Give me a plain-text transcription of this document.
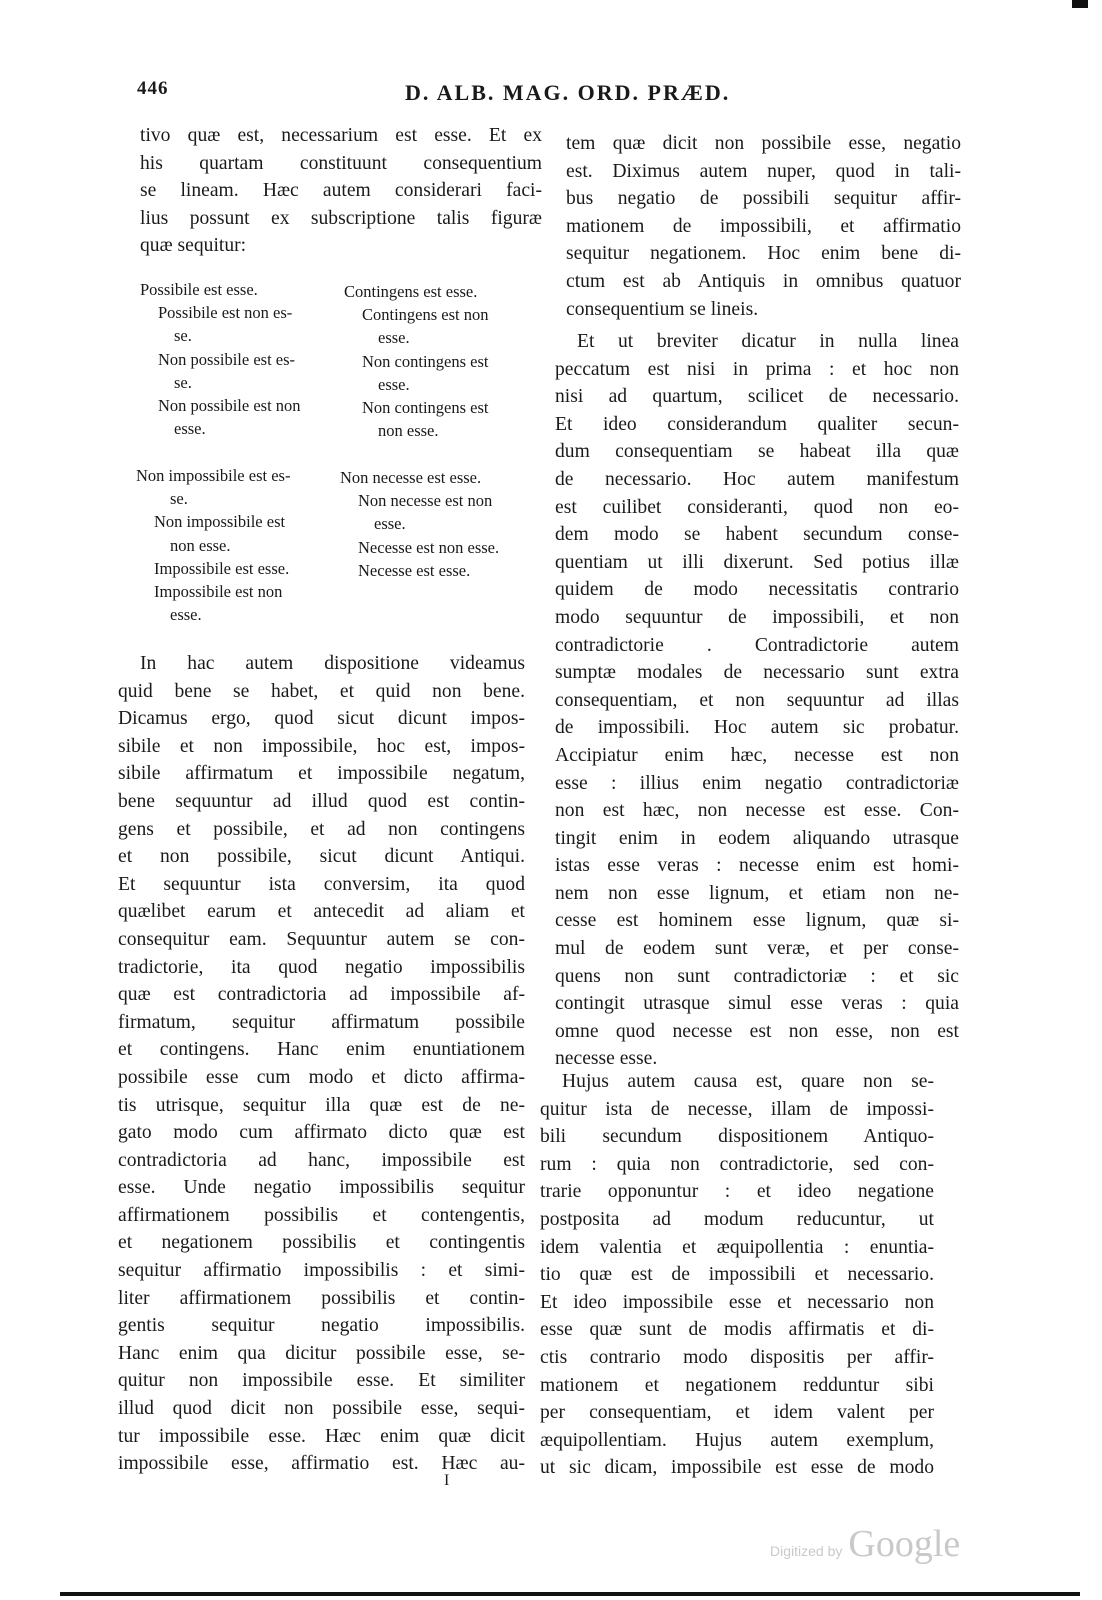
446	D. ALB. MAG. ORD. PRÆD.

tivo quæ est, necessarium est esse. Et ex
his quartam constituunt consequentium
se lineam. Hæc autem considerari faci-
lius possunt ex subscriptione talis figuræ
quæ sequitur:

Possibile est esse.
Possibile est non es-
se.
Non possibile est es-
se.
Non possibile est non
esse.
Contingens est esse.
Contingens est non
esse.
Non contingens est
esse.
Non contingens est
non esse.
Non impossibile est es-
se.
Non impossibile est
non esse.
Impossibile est esse.
Impossibile est non
esse.
Non necesse est esse.
Non necesse est non
esse.
Necesse est non esse.
Necesse est esse.

In hac autem dispositione videamus
quid bene se habet, et quid non bene.
Dicamus ergo, quod sicut dicunt impos-
sibile et non impossibile, hoc est, impos-
sibile affirmatum et impossibile negatum,
bene sequuntur ad illud quod est contin-
gens et possibile, et ad non contingens
et non possibile, sicut dicunt Antiqui.
Et sequuntur ista conversim, ita quod
quælibet earum et antecedit ad aliam et
consequitur eam. Sequuntur autem se con-
tradictorie, ita quod negatio impossibilis
quæ est contradictoria ad impossibile af-
firmatum, sequitur affirmatum possibile
et contingens. Hanc enim enuntiationem
possibile esse cum modo et dicto affirma-
tis utrisque, sequitur illa quæ est de ne-
gato modo cum affirmato dicto quæ est
contradictoria ad hanc, impossibile est
esse. Unde negatio impossibilis sequitur
affirmationem possibilis et contengentis,
et negationem possibilis et contingentis
sequitur affirmatio impossibilis : et simi-
liter affirmationem possibilis et contin-
gentis sequitur negatio impossibilis.
Hanc enim qua dicitur possibile esse, se-
quitur non impossibile esse. Et similiter
illud quod dicit non possibile esse, sequi-
tur impossibile esse. Hæc enim quæ dicit
impossibile esse, affirmatio est. Hæc au-

tem quæ dicit non possibile esse, negatio
est. Diximus autem nuper, quod in tali-
bus negatio de possibili sequitur affir-
mationem de impossibili, et affirmatio
sequitur negationem. Hoc enim bene di-
ctum est ab Antiquis in omnibus quatuor
consequentium se lineis.

Et ut breviter dicatur in nulla linea
peccatum est nisi in prima : et hoc non
nisi ad quartum, scilicet de necessario.
Et ideo considerandum qualiter secun-
dum consequentiam se habeat illa quæ
de necessario. Hoc autem manifestum
est cuilibet consideranti, quod non eo-
dem modo se habent secundum conse-
quentiam ut illi dixerunt. Sed potius illæ
quidem de modo necessitatis contrario
modo sequuntur de impossibili, et non
contradictorie . Contradictorie autem
sumptæ modales de necessario sunt extra
consequentiam, et non sequuntur ad illas
de impossibili. Hoc autem sic probatur.
Accipiatur enim hæc, necesse est non
esse : illius enim negatio contradictoriæ
non est hæc, non necesse est esse. Con-
tingit enim in eodem aliquando utrasque
istas esse veras : necesse enim est homi-
nem non esse lignum, et etiam non ne-
cesse est hominem esse lignum, quæ si-
mul de eodem sunt veræ, et per conse-
quens non sunt contradictoriæ : et sic
contingit utrasque simul esse veras : quia
omne quod necesse est non esse, non est
necesse esse.

Hujus autem causa est, quare non se-
quitur ista de necesse, illam de impossi-
bili secundum dispositionem Antiquo-
rum : quia non contradictorie, sed con-
trarie opponuntur : et ideo negatione
postposita ad modum reducuntur, ut
idem valentia et æquipollentia : enuntia-
tio quæ est de impossibili et necessario.
Et ideo impossibile esse et necessario non
esse quæ sunt de modis affirmatis et di-
ctis contrario modo dispositis per affir-
mationem et negationem redduntur sibi
per consequentiam, et idem valent per
æquipollentiam. Hujus autem exemplum,
ut sic dicam, impossibile est esse de modo

I
Digitized by Google
